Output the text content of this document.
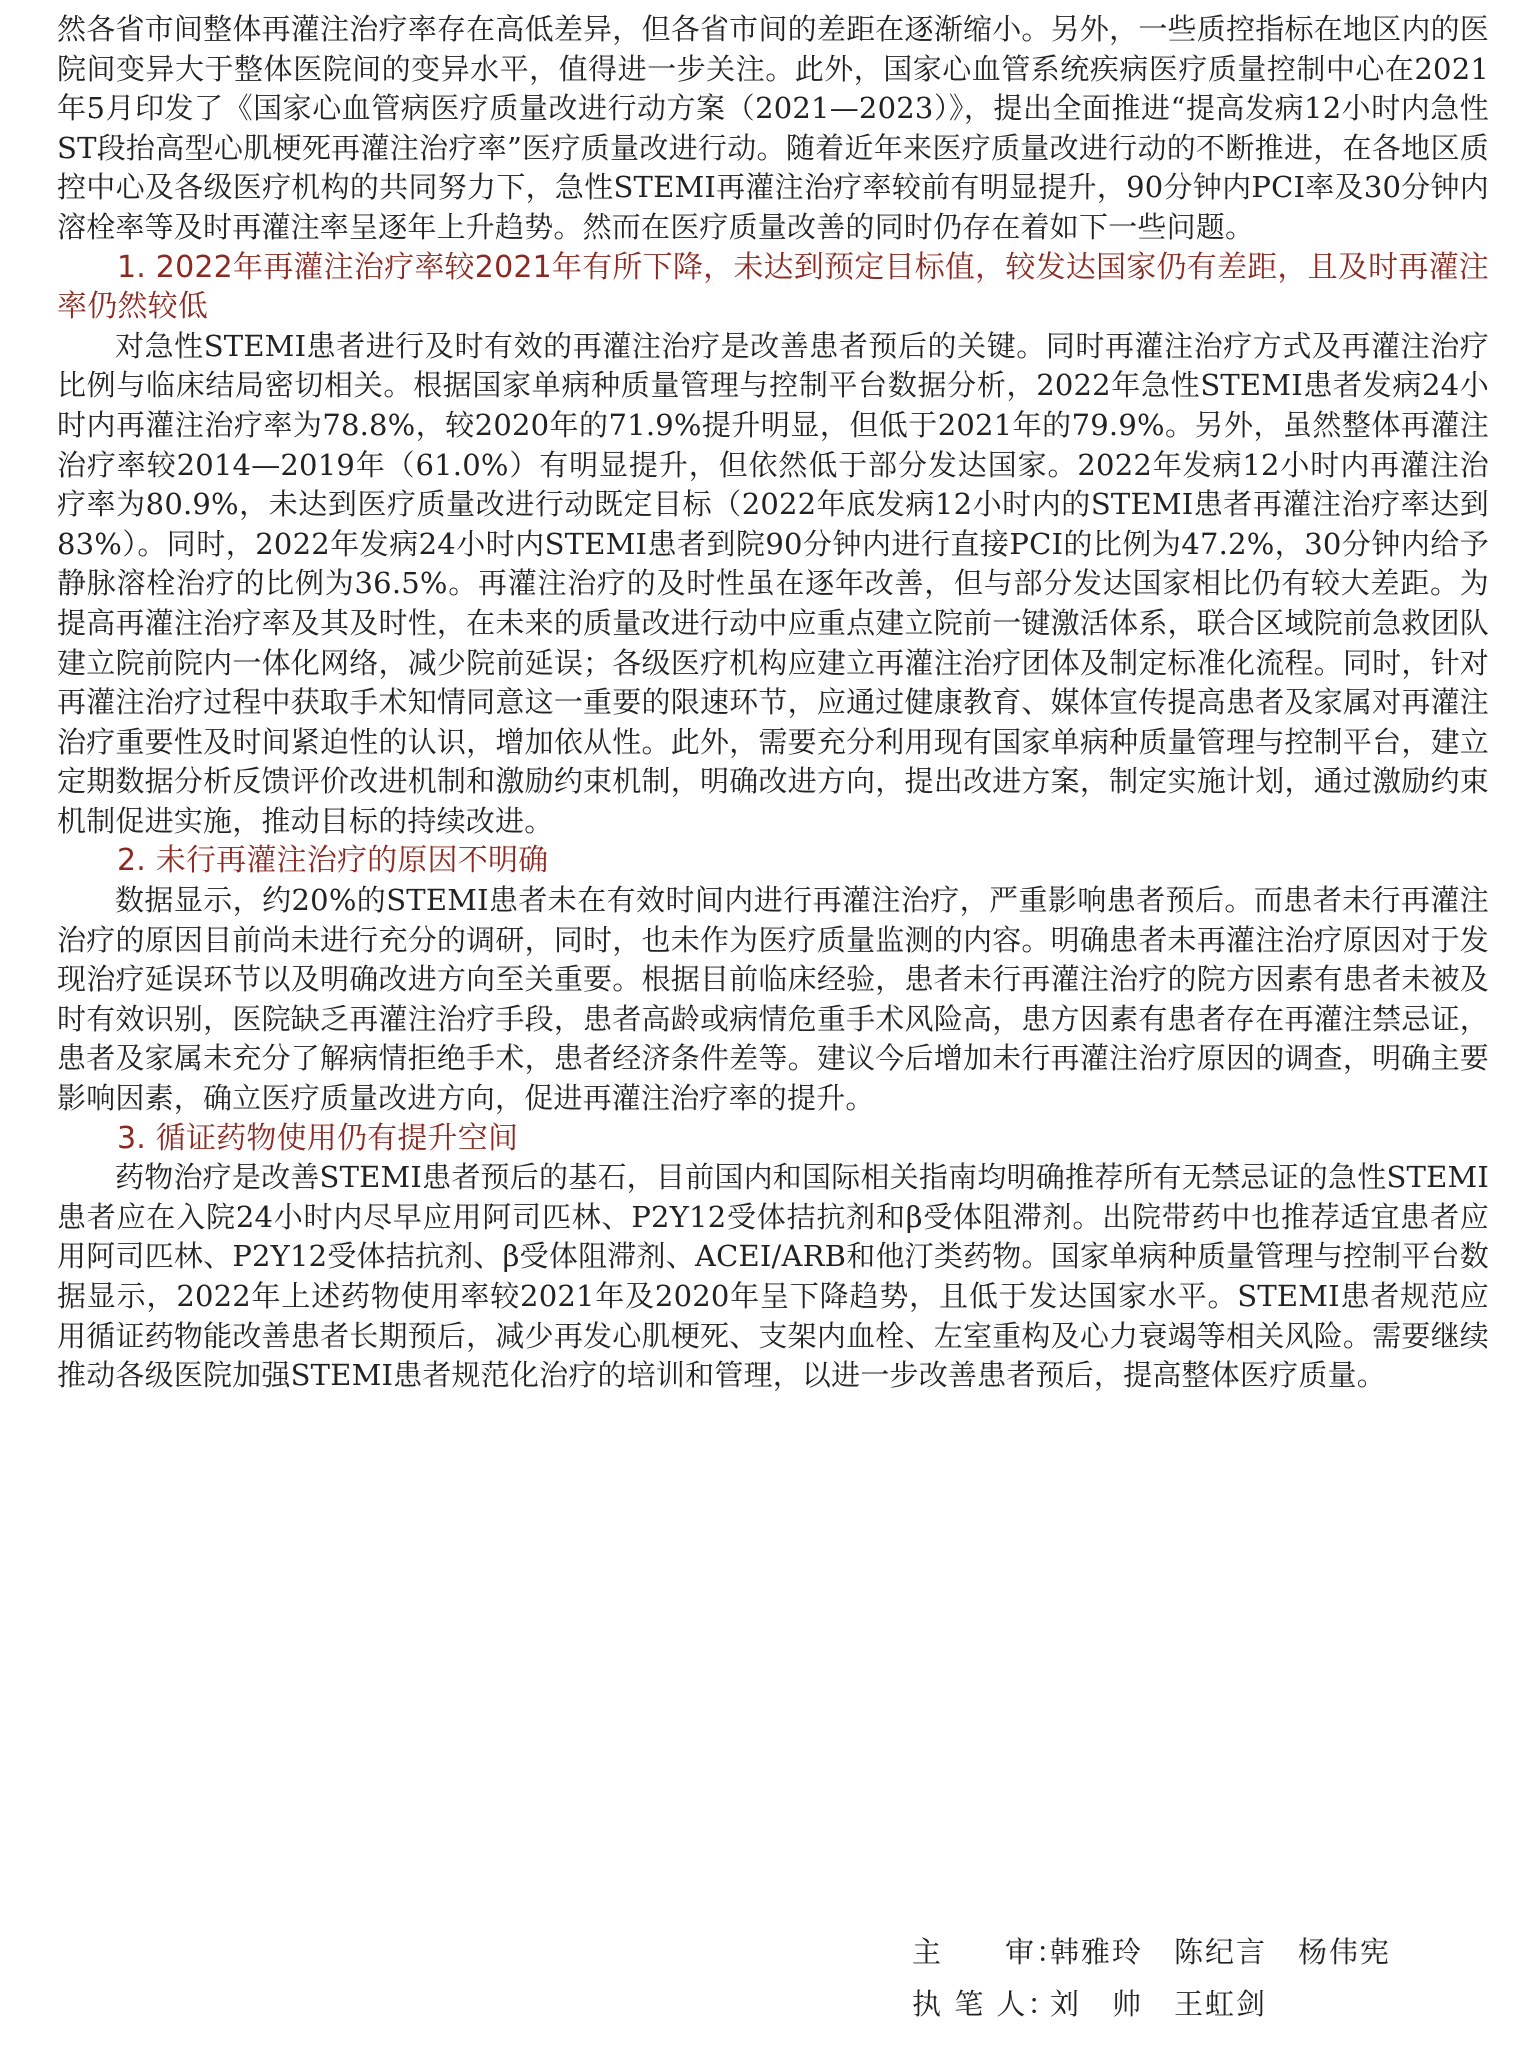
然各省市间整体再灌注治疗率存在高低差异，但各省市间的差距在逐渐缩小。另外，一些质控指标在地区内的医院间变异大于整体医院间的变异水平，值得进一步关注。此外，国家心血管系统疾病医疗质量控制中心在2021年5月印发了《国家心血管病医疗质量改进行动方案（2021—2023）》，提出全面推进“提高发病12小时内急性ST段抬高型心肌梗死再灌注治疗率”医疗质量改进行动。随着近年来医疗质量改进行动的不断推进，在各地区质控中心及各级医疗机构的共同努力下，急性STEMI再灌注治疗率较前有明显提升，90分钟内PCI率及30分钟内溶栓率等及时再灌注率呈逐年上升趋势。然而在医疗质量改善的同时仍存在着如下一些问题。

1. 2022年再灌注治疗率较2021年有所下降，未达到预定目标值，较发达国家仍有差距，且及时再灌注率仍然较低

对急性STEMI患者进行及时有效的再灌注治疗是改善患者预后的关键。同时再灌注治疗方式及再灌注治疗比例与临床结局密切相关。根据国家单病种质量管理与控制平台数据分析，2022年急性STEMI患者发病24小时内再灌注治疗率为78.8%，较2020年的71.9%提升明显，但低于2021年的79.9%。另外，虽然整体再灌注治疗率较2014—2019年（61.0%）有明显提升，但依然低于部分发达国家。2022年发病12小时内再灌注治疗率为80.9%，未达到医疗质量改进行动既定目标（2022年底发病12小时内的STEMI患者再灌注治疗率达到83%）。同时，2022年发病24小时内STEMI患者到院90分钟内进行直接PCI的比例为47.2%，30分钟内给予静脉溶栓治疗的比例为36.5%。再灌注治疗的及时性虽在逐年改善，但与部分发达国家相比仍有较大差距。为提高再灌注治疗率及其及时性，在未来的质量改进行动中应重点建立院前一键激活体系，联合区域院前急救团队建立院前院内一体化网络，减少院前延误；各级医疗机构应建立再灌注治疗团体及制定标准化流程。同时，针对再灌注治疗过程中获取手术知情同意这一重要的限速环节，应通过健康教育、媒体宣传提高患者及家属对再灌注治疗重要性及时间紧迫性的认识，增加依从性。此外，需要充分利用现有国家单病种质量管理与控制平台，建立定期数据分析反馈评价改进机制和激励约束机制，明确改进方向，提出改进方案，制定实施计划，通过激励约束机制促进实施，推动目标的持续改进。

2. 未行再灌注治疗的原因不明确

数据显示，约20%的STEMI患者未在有效时间内进行再灌注治疗，严重影响患者预后。而患者未行再灌注治疗的原因目前尚未进行充分的调研，同时，也未作为医疗质量监测的内容。明确患者未再灌注治疗原因对于发现治疗延误环节以及明确改进方向至关重要。根据目前临床经验，患者未行再灌注治疗的院方因素有患者未被及时有效识别，医院缺乏再灌注治疗手段，患者高龄或病情危重手术风险高，患方因素有患者存在再灌注禁忌证，患者及家属未充分了解病情拒绝手术，患者经济条件差等。建议今后增加未行再灌注治疗原因的调查，明确主要影响因素，确立医疗质量改进方向，促进再灌注治疗率的提升。

3. 循证药物使用仍有提升空间

药物治疗是改善STEMI患者预后的基石，目前国内和国际相关指南均明确推荐所有无禁忌证的急性STEMI患者应在入院24小时内尽早应用阿司匹林、P2Y12受体拮抗剂和β受体阻滞剂。出院带药中也推荐适宜患者应用阿司匹林、P2Y12受体拮抗剂、β受体阻滞剂、ACEI/ARB和他汀类药物。国家单病种质量管理与控制平台数据显示，2022年上述药物使用率较2021年及2020年呈下降趋势，且低于发达国家水平。STEMI患者规范应用循证药物能改善患者长期预后，减少再发心肌梗死、支架内血栓、左室重构及心力衰竭等相关风险。需要继续推动各级医院加强STEMI患者规范化治疗的培训和管理，以进一步改善患者预后，提高整体医疗质量。

主　　审：韩雅玲　陈纪言　杨伟宪
执 笔 人：刘　帅　王虹剑
